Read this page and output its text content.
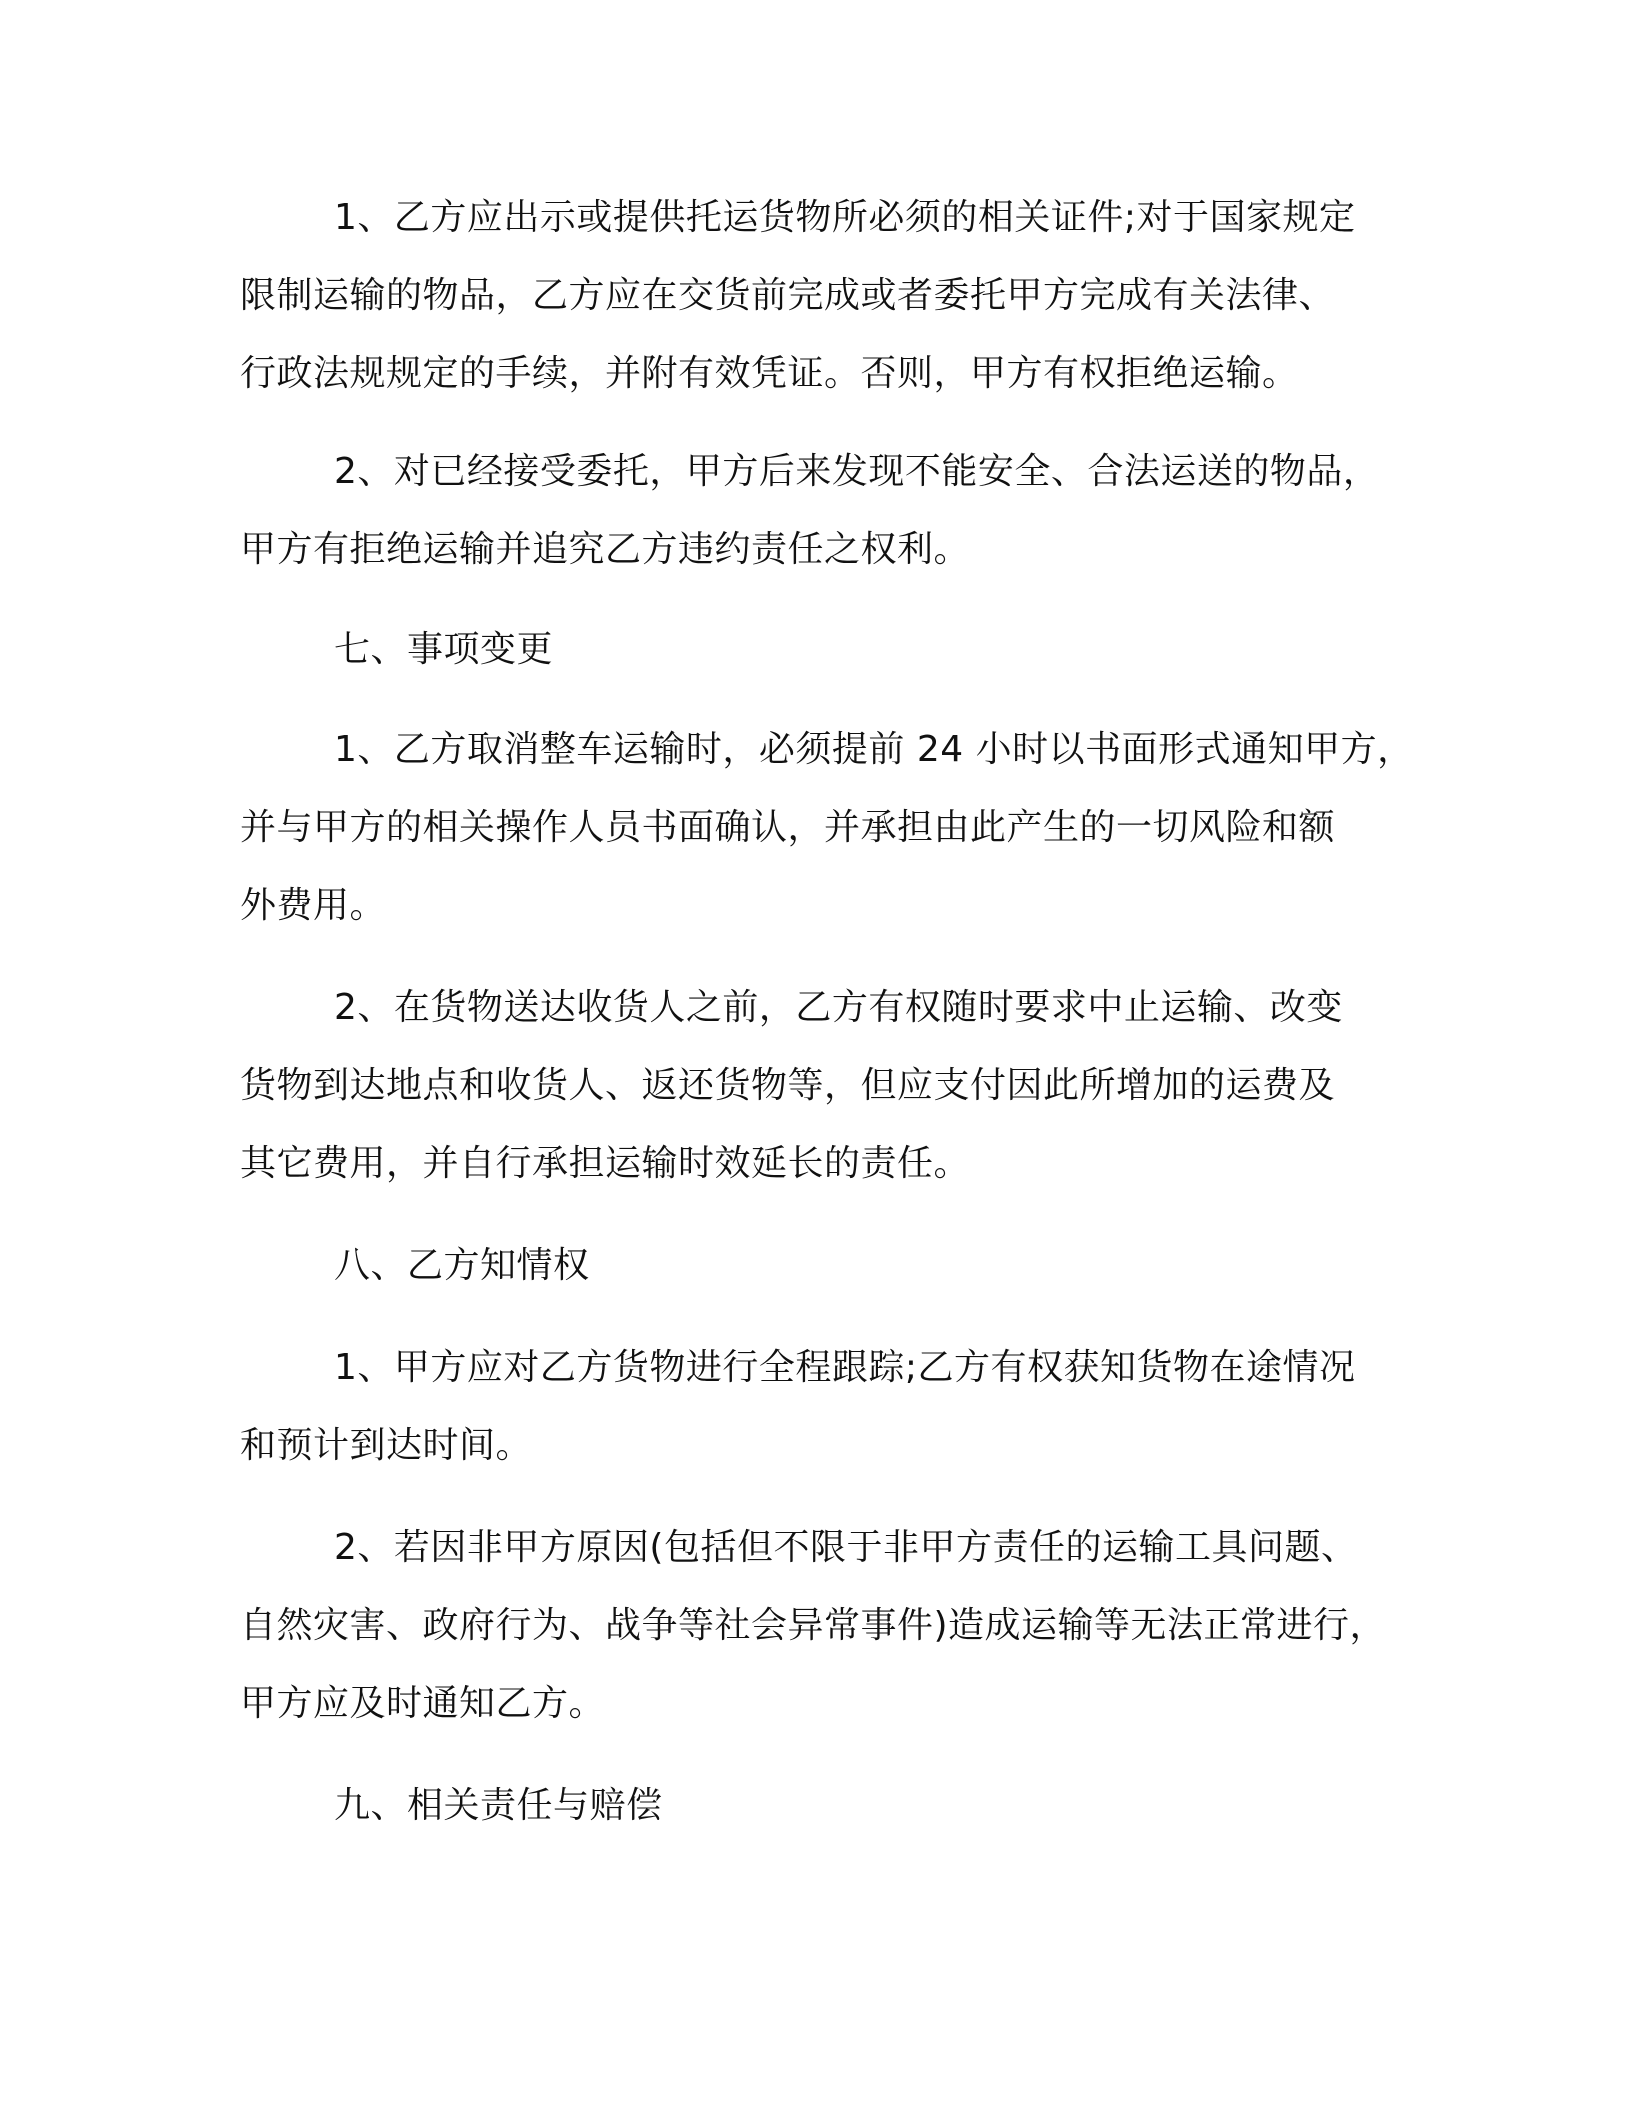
1、乙方应出示或提供托运货物所必须的相关证件;对于国家规定
限制运输的物品，乙方应在交货前完成或者委托甲方完成有关法律、
行政法规规定的手续，并附有效凭证。否则，甲方有权拒绝运输。
2、对已经接受委托，甲方后来发现不能安全、合法运送的物品，
甲方有拒绝运输并追究乙方违约责任之权利。
七、事项变更
1、乙方取消整车运输时，必须提前 24 小时以书面形式通知甲方，
并与甲方的相关操作人员书面确认，并承担由此产生的一切风险和额
外费用。
2、在货物送达收货人之前，乙方有权随时要求中止运输、改变
货物到达地点和收货人、返还货物等，但应支付因此所增加的运费及
其它费用，并自行承担运输时效延长的责任。
八、乙方知情权
1、甲方应对乙方货物进行全程跟踪;乙方有权获知货物在途情况
和预计到达时间。
2、若因非甲方原因(包括但不限于非甲方责任的运输工具问题、
自然灾害、政府行为、战争等社会异常事件)造成运输等无法正常进行，
甲方应及时通知乙方。
九、相关责任与赔偿
